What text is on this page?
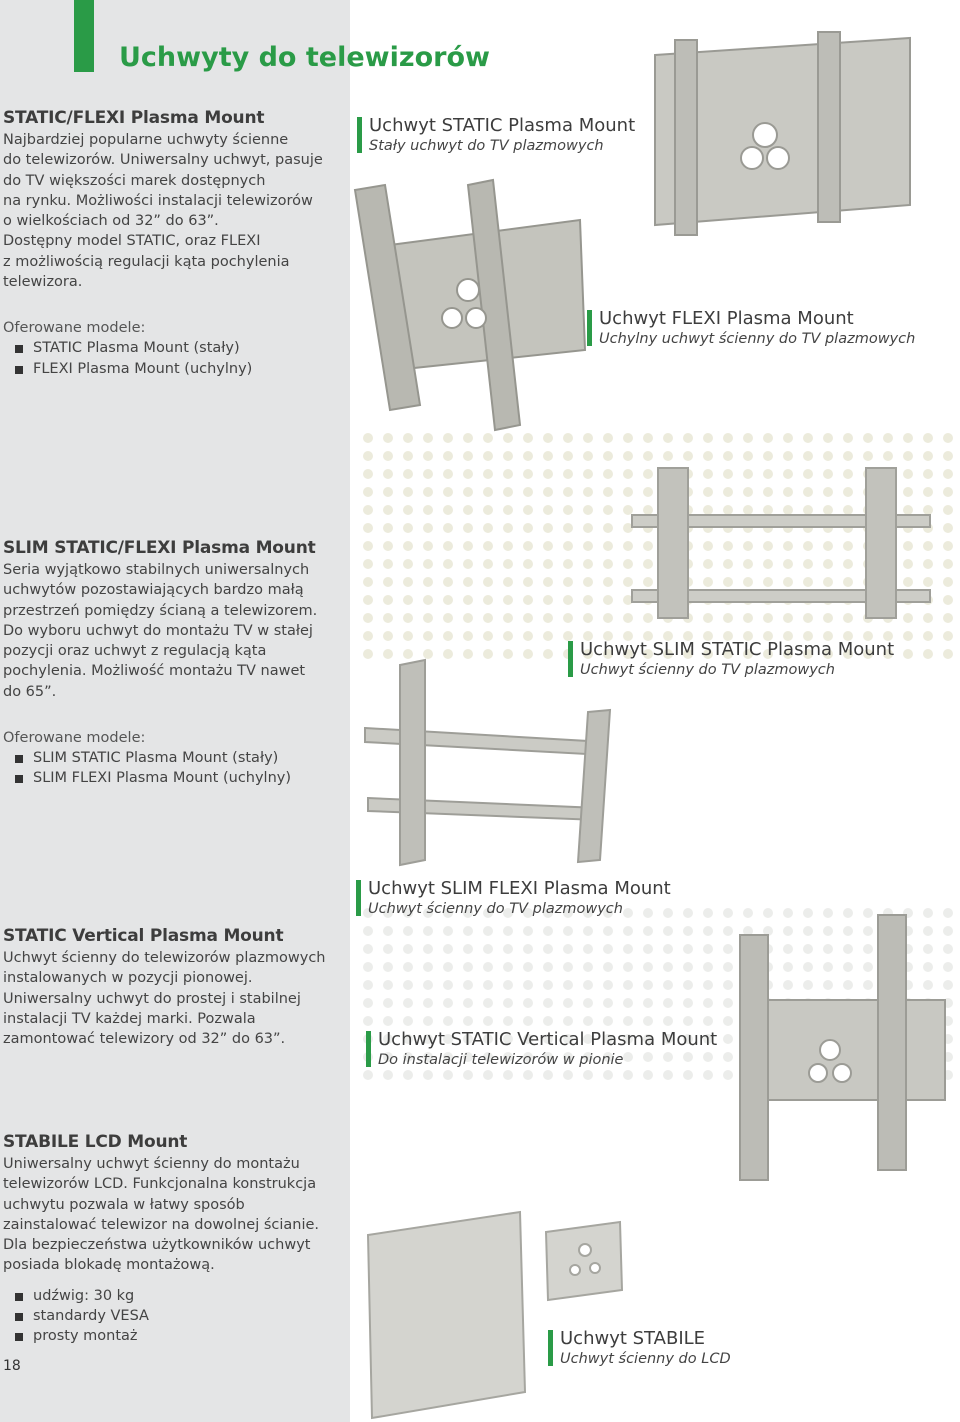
Uchwyty do telewizorów
STATIC/FLEXI Plasma Mount

Najbardziej popularne uchwyty ścienne
do telewizorów. Uniwersalny uchwyt, pasuje
do TV większości marek dostępnych
na rynku. Możliwości instalacji telewizorów
o wielkościach od 32” do 63”.
Dostępny model STATIC, oraz FLEXI
z możliwością regulacji kąta pochylenia
telewizora.

Oferowane modele:
STATIC Plasma Mount (stały)
FLEXI Plasma Mount (uchylny)
SLIM STATIC/FLEXI Plasma Mount

Seria wyjątkowo stabilnych uniwersalnych
uchwytów pozostawiających bardzo małą
przestrzeń pomiędzy ścianą a telewizorem.
Do wyboru uchwyt do montażu TV w stałej
pozycji oraz uchwyt z regulacją kąta
pochylenia. Możliwość montażu TV nawet
do 65”.

Oferowane modele:
SLIM STATIC Plasma Mount (stały)
SLIM FLEXI Plasma Mount (uchylny)
STATIC Vertical Plasma Mount

Uchwyt ścienny do telewizorów plazmowych
instalowanych w pozycji pionowej.
Uniwersalny uchwyt do prostej i stabilnej
instalacji TV każdej marki. Pozwala
zamontować telewizory od 32” do 63”.

STABILE LCD Mount

Uniwersalny uchwyt ścienny do montażu
telewizorów LCD. Funkcjonalna konstrukcja
uchwytu pozwala w łatwy sposób
zainstalować telewizor na dowolnej ścianie.
Dla bezpieczeństwa użytkowników uchwyt
posiada blokadę montażową.

udźwig: 30 kg
standardy VESA
prosty montaż
18
Uchwyt STATIC Plasma Mount
Stały uchwyt do TV plazmowych
Uchwyt FLEXI Plasma Mount
Uchylny uchwyt ścienny do TV plazmowych
Uchwyt SLIM STATIC Plasma Mount
Uchwyt ścienny do TV plazmowych
Uchwyt SLIM FLEXI Plasma Mount
Uchwyt ścienny do TV plazmowych
Uchwyt STATIC Vertical Plasma Mount
Do instalacji telewizorów w pionie
Uchwyt STABILE
Uchwyt ścienny do LCD
